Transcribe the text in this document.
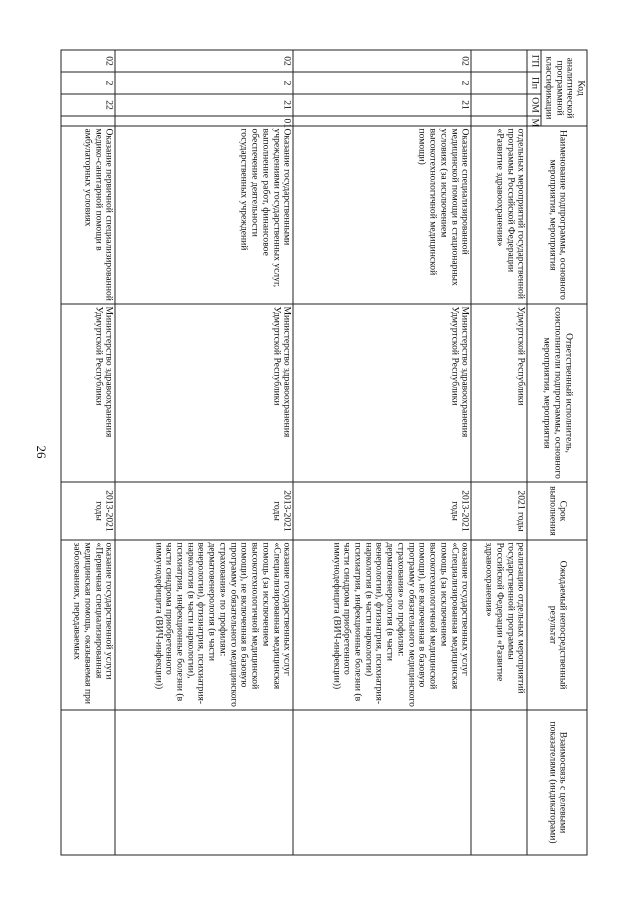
26
Код аналитической программной классификации				Наименование подпрограммы, основного мероприятия, мероприятия	Ответственный исполнитель, соисполнители подпрограммы, основного мероприятия, мероприятия	Срок выполнения	Ожидаемый непосредственный результат	Взаимосвязь с целевыми показателями (индикаторами)
ГП	Пп	ОМ	М					
				отдельных мероприятий государственной программы Российской Федерации «Развитие здравоохранения»	Удмуртской Республики	2021 годы	реализацию отдельных мероприятий государственной программы Российской Федерации «Развитие здравоохранения»	
02	2	21		Оказание специализированной медицинской помощи в стационарных условиях (за исключением высокотехнологичной медицинской помощи)	Министерство здравоохранения Удмуртской Республики	2013-2021 годы	оказание государственных услуг «Специализированная медицинская помощь (за исключением высокотехнологичной медицинской помощи), не включенная в базовую программу обязательного медицинского страхования» по профилям: дерматовенерология (в части венерологии), фтизиатрия, психиатрия-наркология (в части наркологии) психиатрия, инфекционные болезни (в части синдрома приобретенного иммунодефицита (ВИЧ-инфекции))	
02	2	21	01	Оказание государственными учреждениями государственных услуг, выполнение работ, финансовое обеспечение деятельности государственных учреждений	Министерство здравоохранения Удмуртской Республики	2013-2021 годы	оказание государственных услуг «Специализированная медицинская помощь (за исключением высокотехнологичной медицинской помощи), не включенная в базовую программу обязательного медицинского страхования» по профилям: дерматовенерология (в части венерологии), фтизиатрия, психиатрия-наркология (в части наркологии), психиатрия, инфекционные болезни (в части синдрома приобретенного иммунодефицита (ВИЧ-инфекции))	
02	2	22		Оказание первичной специализированной медико-санитарной помощи в амбулаторных условиях	Министерство здравоохранения Удмуртской Республики	2013-2021 годы	оказание государственной услуги «Первичная специализированная медицинская помощь, оказываемая при заболеваниях, передаваемых	
